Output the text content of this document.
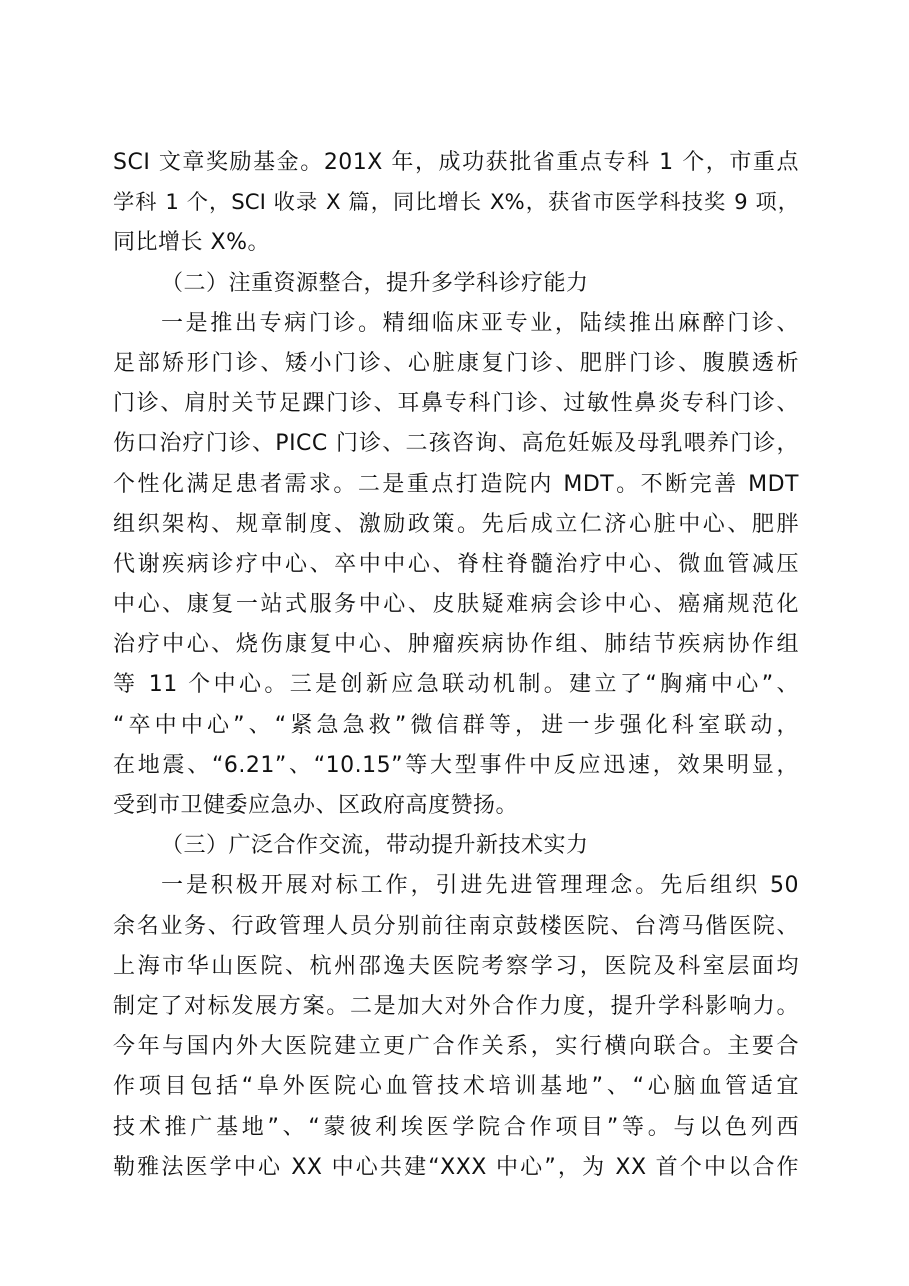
SCI 文章奖励基金。201X 年，成功获批省重点专科 1 个，市重点
学科 1 个，SCI 收录 X 篇，同比增长 X%，获省市医学科技奖 9 项，
同比增长 X%。
（二）注重资源整合，提升多学科诊疗能力
一是推出专病门诊。精细临床亚专业，陆续推出麻醉门诊、
足部矫形门诊、矮小门诊、心脏康复门诊、肥胖门诊、腹膜透析
门诊、肩肘关节足踝门诊、耳鼻专科门诊、过敏性鼻炎专科门诊、
伤口治疗门诊、PICC 门诊、二孩咨询、高危妊娠及母乳喂养门诊，
个性化满足患者需求。二是重点打造院内 MDT。不断完善 MDT
组织架构、规章制度、激励政策。先后成立仁济心脏中心、肥胖
代谢疾病诊疗中心、卒中中心、脊柱脊髓治疗中心、微血管减压
中心、康复一站式服务中心、皮肤疑难病会诊中心、癌痛规范化
治疗中心、烧伤康复中心、肿瘤疾病协作组、肺结节疾病协作组
等 11 个中心。三是创新应急联动机制。建立了“胸痛中心”、
“卒中中心”、“紧急急救”微信群等，进一步强化科室联动，
在地震、“6.21”、“10.15”等大型事件中反应迅速，效果明显，
受到市卫健委应急办、区政府高度赞扬。
（三）广泛合作交流，带动提升新技术实力
一是积极开展对标工作，引进先进管理理念。先后组织 50
余名业务、行政管理人员分别前往南京鼓楼医院、台湾马偕医院、
上海市华山医院、杭州邵逸夫医院考察学习，医院及科室层面均
制定了对标发展方案。二是加大对外合作力度，提升学科影响力。
今年与国内外大医院建立更广合作关系，实行横向联合。主要合
作项目包括“阜外医院心血管技术培训基地”、“心脑血管适宜
技术推广基地”、“蒙彼利埃医学院合作项目”等。与以色列西
勒雅法医学中心 XX 中心共建“XXX 中心”，为 XX 首个中以合作
